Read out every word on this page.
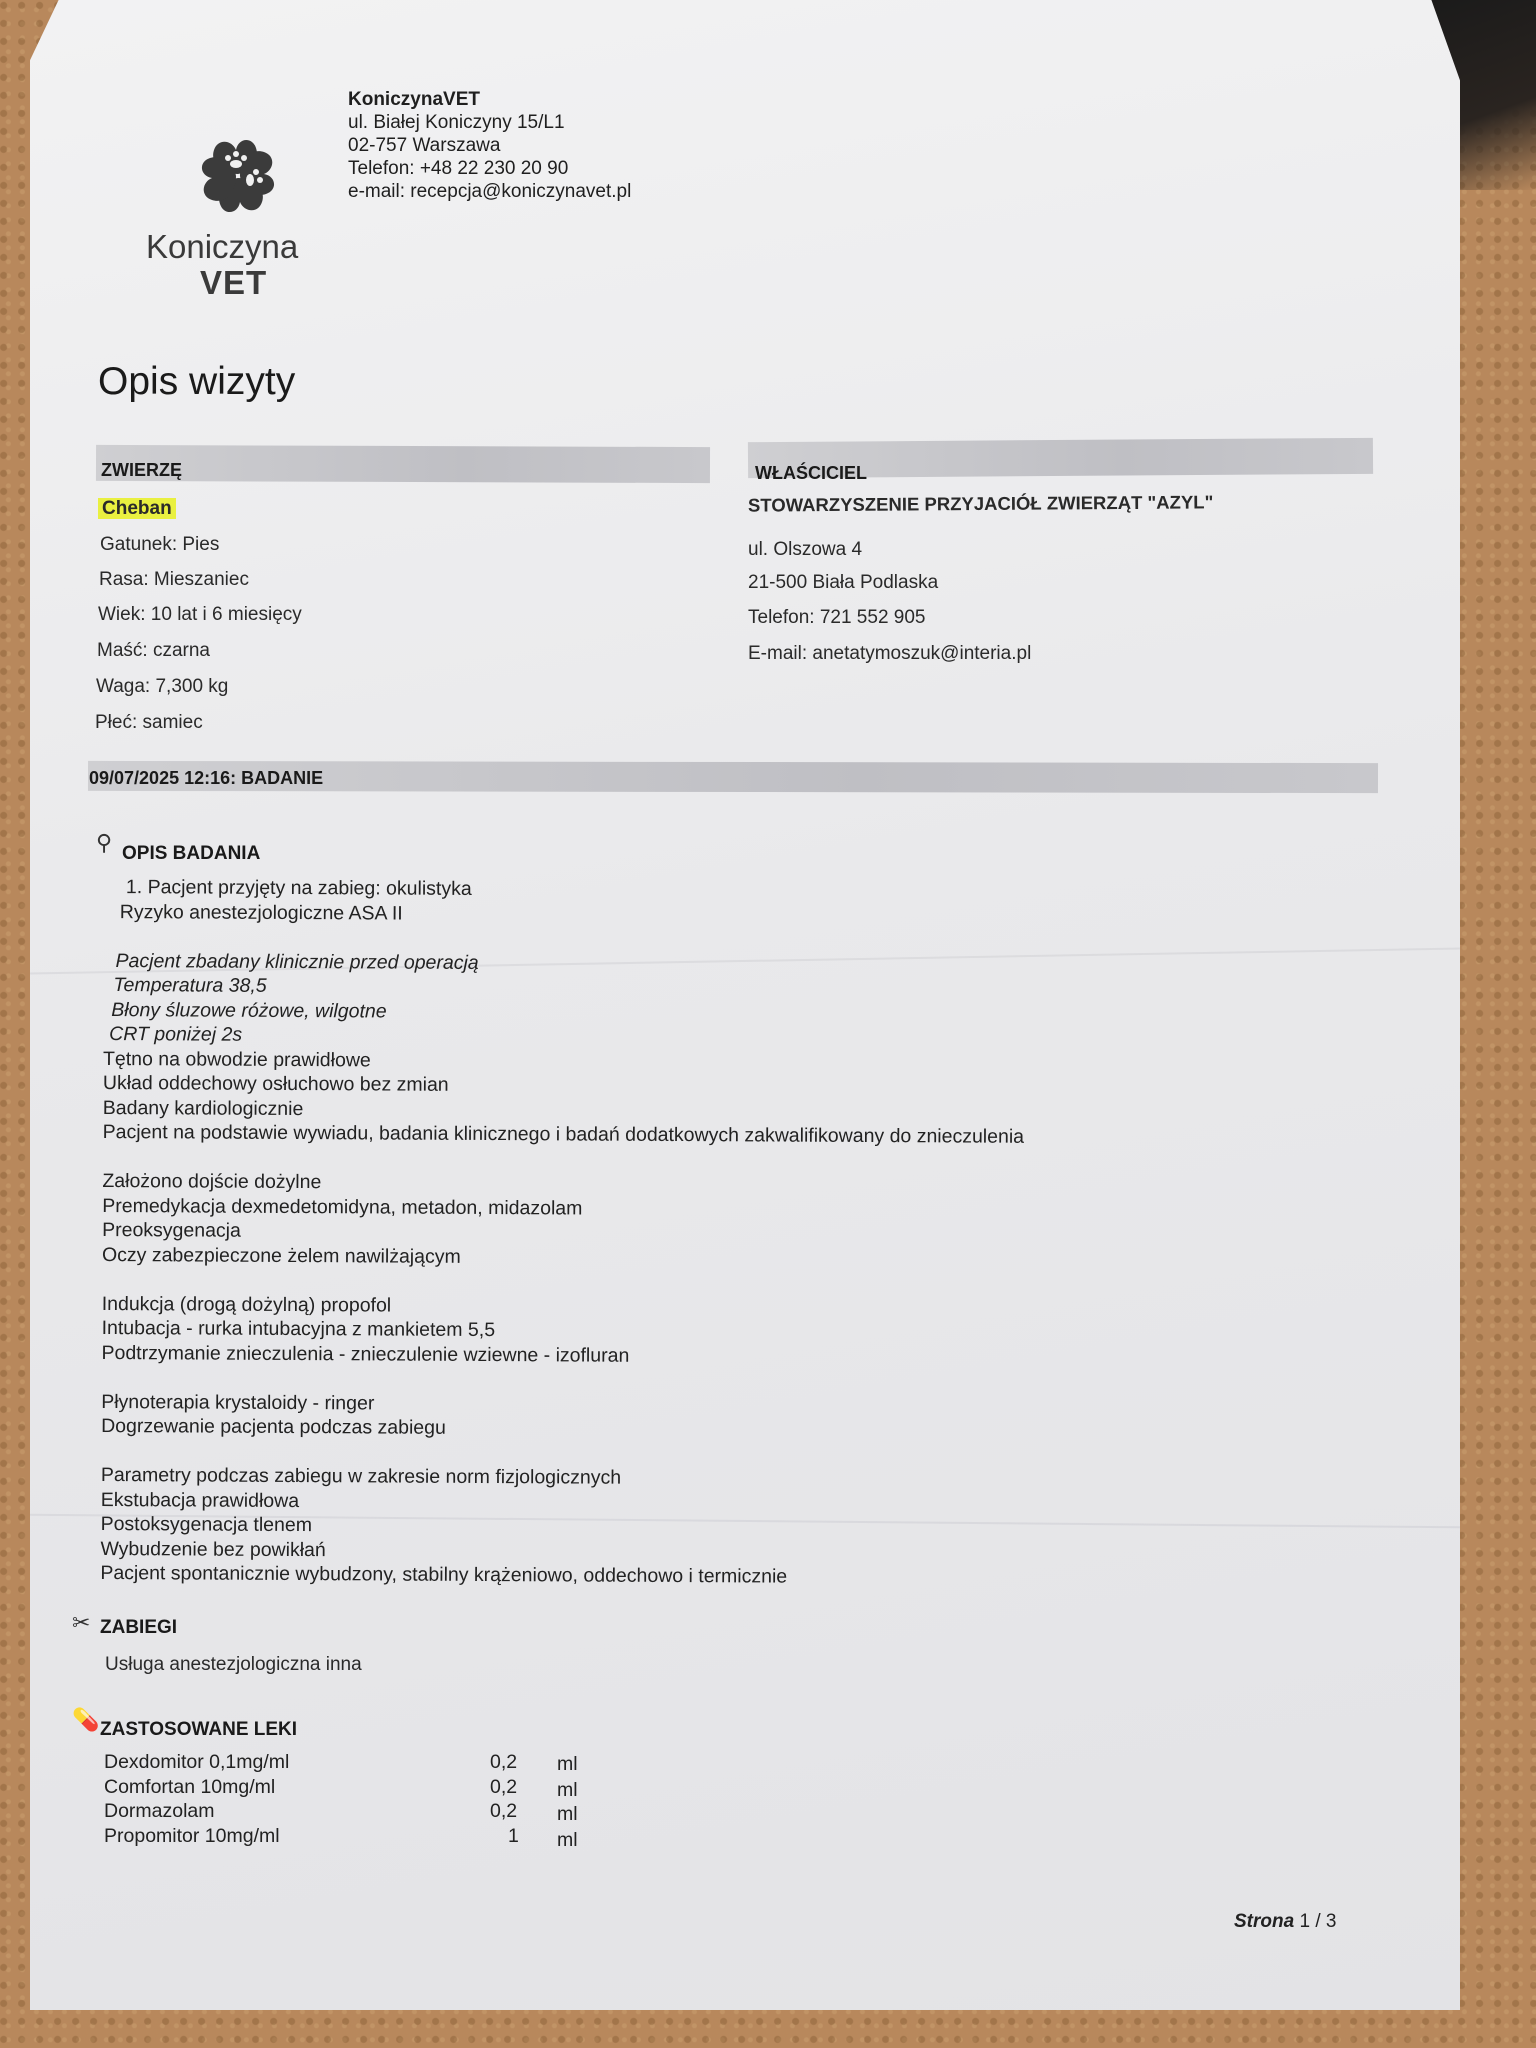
Koniczyna
VET
KoniczynaVET
ul. Białej Koniczyny 15/L1
02-757 Warszawa
Telefon: +48 22 230 20 90
e-mail: recepcja@koniczynavet.pl
Opis wizyty
ZWIERZĘ	WŁAŚCICIEL
Cheban
Gatunek: Pies
Rasa: Mieszaniec
Wiek: 10 lat i 6 miesięcy
Maść: czarna
Waga: 7,300 kg
Płeć: samiec
STOWARZYSZENIE PRZYJACIÓŁ ZWIERZĄT "AZYL"
ul. Olszowa 4
21-500 Biała Podlaska
Telefon: 721 552 905
E-mail: anetatymoszuk@interia.pl
09/07/2025 12:16: BADANIE
⚲ OPIS BADANIA
1. Pacjent przyjęty na zabieg: okulistyka
Ryzyko anestezjologiczne ASA II
Pacjent zbadany klinicznie przed operacją
Temperatura 38,5
Błony śluzowe różowe, wilgotne
CRT poniżej 2s
Tętno na obwodzie prawidłowe
Układ oddechowy osłuchowo bez zmian
Badany kardiologicznie
Pacjent na podstawie wywiadu, badania klinicznego i badań dodatkowych zakwalifikowany do znieczulenia
Założono dojście dożylne
Premedykacja dexmedetomidyna, metadon, midazolam
Preoksygenacja
Oczy zabezpieczone żelem nawilżającym
Indukcja (drogą dożylną) propofol
Intubacja - rurka intubacyjna z mankietem 5,5
Podtrzymanie znieczulenia - znieczulenie wziewne - izofluran
Płynoterapia krystaloidy - ringer
Dogrzewanie pacjenta podczas zabiegu
Parametry podczas zabiegu w zakresie norm fizjologicznych
Ekstubacja prawidłowa
Postoksygenacja tlenem
Wybudzenie bez powikłań
Pacjent spontanicznie wybudzony, stabilny krążeniowo, oddechowo i termicznie
✂ ZABIEGI
Usługa anestezjologiczna inna
💊 ZASTOSOWANE LEKI
Dexdomitor 0,1mg/ml	0,2 ml
Comfortan 10mg/ml	0,2 ml
Dormazolam	0,2 ml
Propomitor 10mg/ml	1 ml
Strona 1 / 3
